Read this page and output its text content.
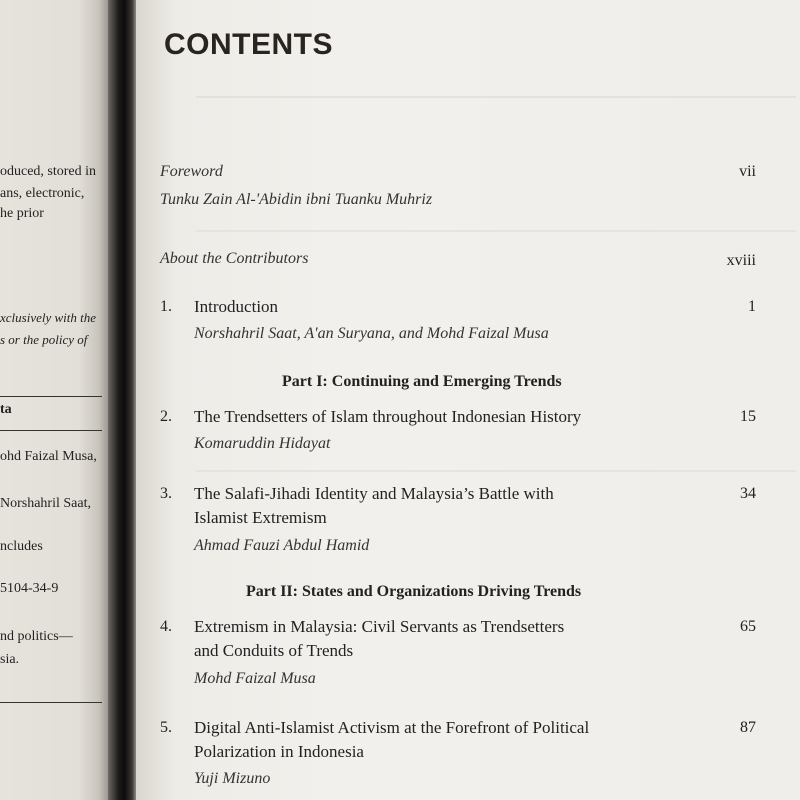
oduced, stored in
ans, electronic,
he prior
xclusively with the
s or the policy of
ta
ohd Faizal Musa,
Norshahril Saat,
ncludes
5104-34-9
nd politics—
sia.
CONTENTS
Foreword	vii
Tunku Zain Al-'Abidin ibni Tuanku Muhriz
About the Contributors	xviii
1. Introduction	1
Norshahril Saat, A'an Suryana, and Mohd Faizal Musa
Part I: Continuing and Emerging Trends
2. The Trendsetters of Islam throughout Indonesian History	15
Komaruddin Hidayat
3. The Salafi-Jihadi Identity and Malaysia’s Battle with	34
Islamist Extremism
Ahmad Fauzi Abdul Hamid
Part II: States and Organizations Driving Trends
4. Extremism in Malaysia: Civil Servants as Trendsetters	65
and Conduits of Trends
Mohd Faizal Musa
5. Digital Anti-Islamist Activism at the Forefront of Political	87
Polarization in Indonesia
Yuji Mizuno
